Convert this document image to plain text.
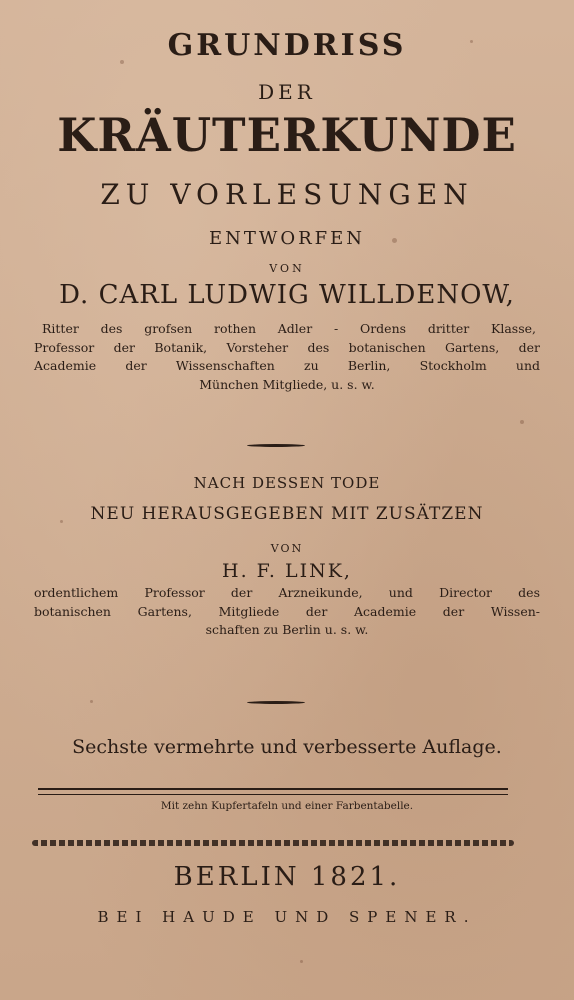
GRUNDRISS
DER
KRÄUTERKUNDE
ZU VORLESUNGEN
ENTWORFEN
VON
D. CARL LUDWIG WILLDENOW,
Ritter des grofsen rothen Adler - Ordens dritter Klasse,
Professor der Botanik, Vorsteher des botanischen Gartens, der
Academie der Wissenschaften zu Berlin, Stockholm und
München Mitgliede, u. s. w.
NACH DESSEN TODE
NEU HERAUSGEGEBEN MIT ZUSÄTZEN
VON
H. F. LINK,
ordentlichem Professor der Arzneikunde, und Director des
botanischen Gartens, Mitgliede der Academie der Wissen-
schaften zu Berlin u. s. w.
Sechste vermehrte und verbesserte Auflage.
Mit zehn Kupfertafeln und einer Farbentabelle.
BERLIN 1821.
BEI HAUDE UND SPENER.
